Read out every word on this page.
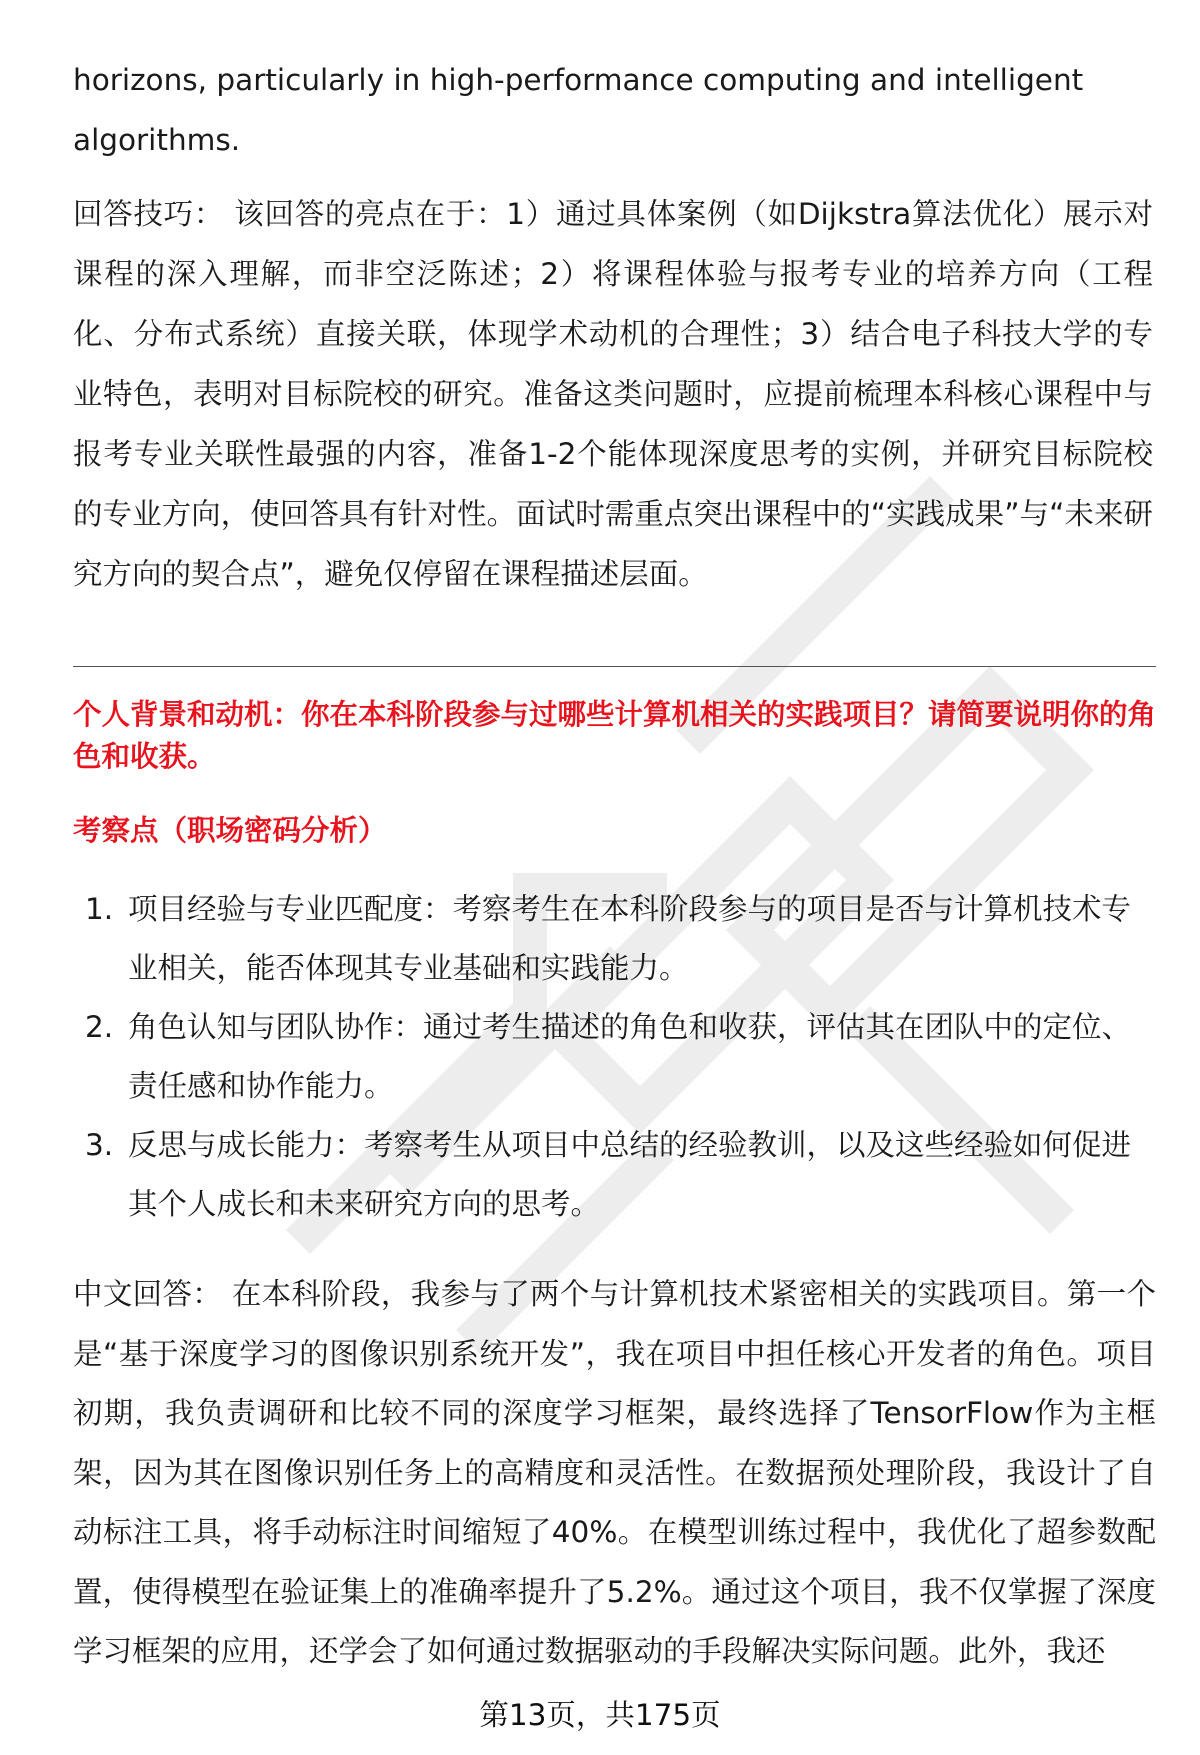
horizons, particularly in high-performance computing and intelligent

algorithms.

回答技巧： 该回答的亮点在于：1）通过具体案例（如Dijkstra算法优化）展示对课程的深入理解，而非空泛陈述；2）将课程体验与报考专业的培养方向（工程化、分布式系统）直接关联，体现学术动机的合理性；3）结合电子科技大学的专业特色，表明对目标院校的研究。准备这类问题时，应提前梳理本科核心课程中与报考专业关联性最强的内容，准备1-2个能体现深度思考的实例，并研究目标院校的专业方向，使回答具有针对性。面试时需重点突出课程中的“实践成果”与“未来研究方向的契合点”，避免仅停留在课程描述层面。

个人背景和动机：你在本科阶段参与过哪些计算机相关的实践项目？请简要说明你的角色和收获。

考察点（职场密码分析）

1. 项目经验与专业匹配度：考察考生在本科阶段参与的项目是否与计算机技术专业相关，能否体现其专业基础和实践能力。
2. 角色认知与团队协作：通过考生描述的角色和收获，评估其在团队中的定位、责任感和协作能力。
3. 反思与成长能力：考察考生从项目中总结的经验教训，以及这些经验如何促进其个人成长和未来研究方向的思考。

中文回答： 在本科阶段，我参与了两个与计算机技术紧密相关的实践项目。第一个是“基于深度学习的图像识别系统开发”，我在项目中担任核心开发者的角色。项目初期，我负责调研和比较不同的深度学习框架，最终选择了TensorFlow作为主框架，因为其在图像识别任务上的高精度和灵活性。在数据预处理阶段，我设计了自动标注工具，将手动标注时间缩短了40%。在模型训练过程中，我优化了超参数配置，使得模型在验证集上的准确率提升了5.2%。通过这个项目，我不仅掌握了深度学习框架的应用，还学会了如何通过数据驱动的手段解决实际问题。此外，我还

第13页，共175页
